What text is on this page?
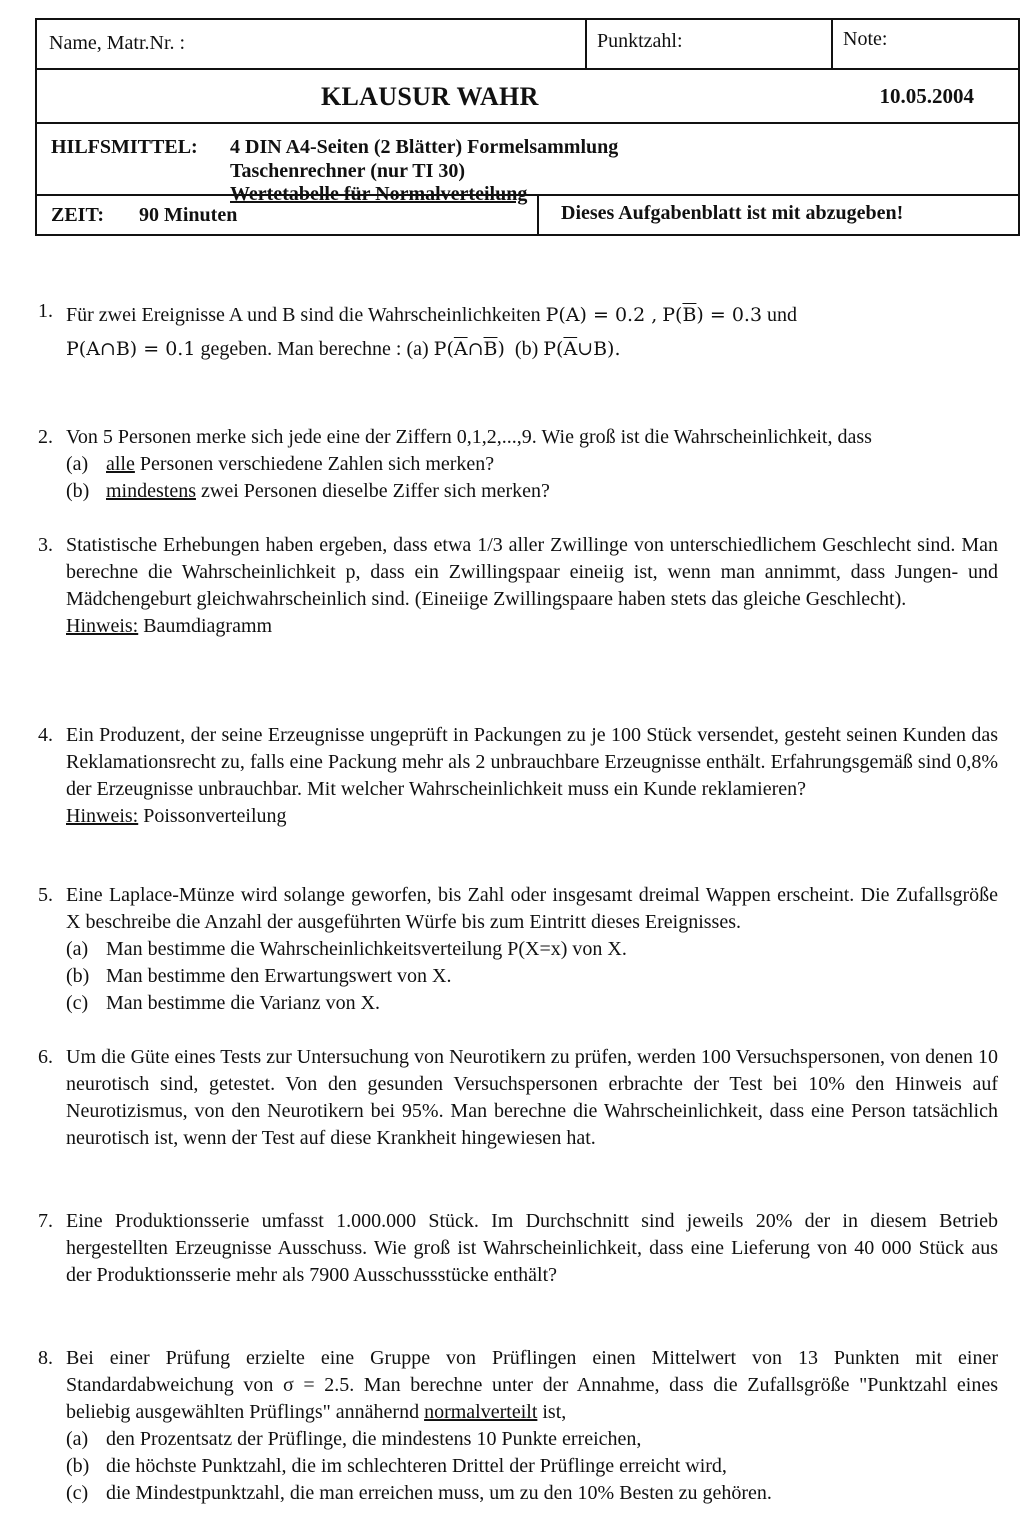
Name, Matr.Nr. :	Punktzahl:	Note:
KLAUSUR WAHR	10.05.2004
HILFSMITTEL: 4 DIN A4-Seiten (2 Blätter) Formelsammlung
Taschenrechner (nur TI 30)
Wertetabelle für Normalverteilung
ZEIT: 90 Minuten	Dieses Aufgabenblatt ist mit abzugeben!
1. Für zwei Ereignisse A und B sind die Wahrscheinlichkeiten P(A) = 0.2 , $P(\overline{B}) = 0.3$ und
P(A∩B) = 0.1 gegeben. Man berechne : (a) $P(\overline{A}\cap\overline{B})$ (b) $P(\overline{A}\cup B)$.
2. Von 5 Personen merke sich jede eine der Ziffern 0,1,2,...,9. Wie groß ist die Wahrscheinlichkeit, dass
(a) alle Personen verschiedene Zahlen sich merken?
(b) mindestens zwei Personen dieselbe Ziffer sich merken?
3. Statistische Erhebungen haben ergeben, dass etwa 1/3 aller Zwillinge von unterschiedlichem Geschlecht sind. Man berechne die Wahrscheinlichkeit p, dass ein Zwillingspaar eineiig ist, wenn man annimmt, dass Jungen- und Mädchengeburt gleichwahrscheinlich sind. (Eineiige Zwillingspaare haben stets das gleiche Geschlecht).
Hinweis: Baumdiagramm
4. Ein Produzent, der seine Erzeugnisse ungeprüft in Packungen zu je 100 Stück versendet, gesteht seinen Kunden das Reklamationsrecht zu, falls eine Packung mehr als 2 unbrauchbare Erzeugnisse enthält. Erfahrungsgemäß sind 0,8% der Erzeugnisse unbrauchbar. Mit welcher Wahrscheinlichkeit muss ein Kunde reklamieren?
Hinweis: Poissonverteilung
5. Eine Laplace-Münze wird solange geworfen, bis Zahl oder insgesamt dreimal Wappen erscheint. Die Zufallsgröße X beschreibe die Anzahl der ausgeführten Würfe bis zum Eintritt dieses Ereignisses.
(a) Man bestimme die Wahrscheinlichkeitsverteilung P(X=x) von X.
(b) Man bestimme den Erwartungswert von X.
(c) Man bestimme die Varianz von X.
6. Um die Güte eines Tests zur Untersuchung von Neurotikern zu prüfen, werden 100 Versuchspersonen, von denen 10 neurotisch sind, getestet. Von den gesunden Versuchspersonen erbrachte der Test bei 10% den Hinweis auf Neurotizismus, von den Neurotikern bei 95%. Man berechne die Wahrscheinlichkeit, dass eine Person tatsächlich neurotisch ist, wenn der Test auf diese Krankheit hingewiesen hat.
7. Eine Produktionsserie umfasst 1.000.000 Stück. Im Durchschnitt sind jeweils 20% der in diesem Betrieb hergestellten Erzeugnisse Ausschuss. Wie groß ist Wahrscheinlichkeit, dass eine Lieferung von 40 000 Stück aus der Produktionsserie mehr als 7900 Ausschussstücke enthält?
8. Bei einer Prüfung erzielte eine Gruppe von Prüflingen einen Mittelwert von 13 Punkten mit einer Standardabweichung von σ = 2.5. Man berechne unter der Annahme, dass die Zufallsgröße "Punktzahl eines beliebig ausgewählten Prüflings" annähernd normalverteilt ist,
(a) den Prozentsatz der Prüflinge, die mindestens 10 Punkte erreichen,
(b) die höchste Punktzahl, die im schlechteren Drittel der Prüflinge erreicht wird,
(c) die Mindestpunktzahl, die man erreichen muss, um zu den 10% Besten zu gehören.
